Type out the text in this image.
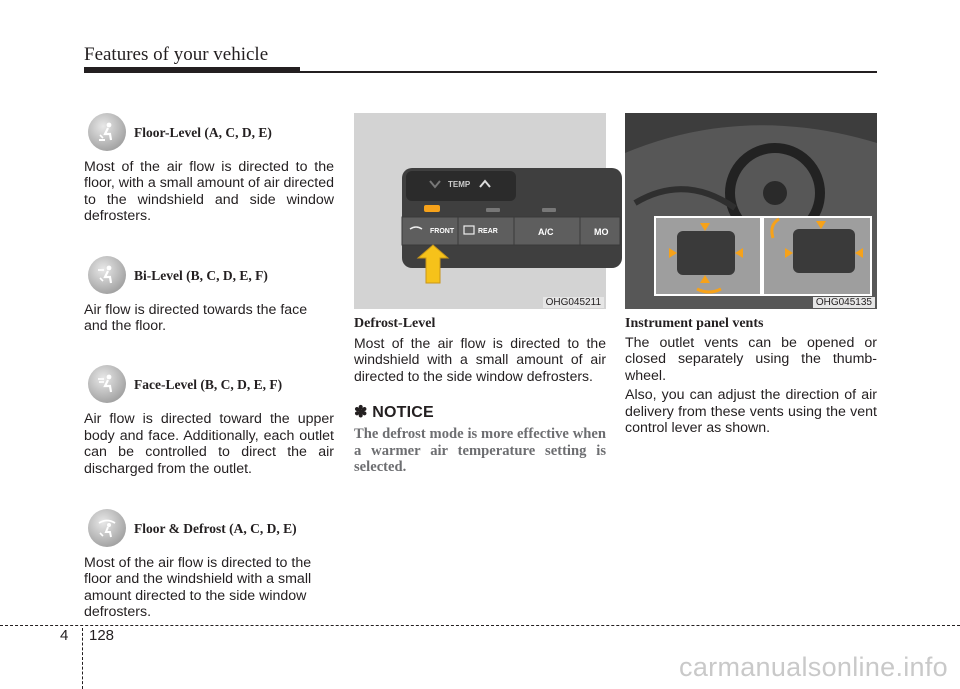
Features of your vehicle
Floor-Level (A, C, D, E)

Most of the air flow is directed to the floor, with a small amount of air directed to the windshield and side window defrosters.

Bi-Level (B, C, D, E, F)

Air flow is directed towards the face and the floor.

Face-Level (B, C, D, E, F)

Air flow is directed toward the upper body and face. Additionally, each outlet can be controlled to direct the air discharged from the outlet.

Floor & Defrost (A, C, D, E)

Most of the air flow is directed to the floor and the windshield with a small amount directed to the side window defrosters.

TEMP
FRONT	REAR	A/C	MO
OHG045211

Defrost-Level

Most of the air flow is directed to the windshield with a small amount of air directed to the side window defrosters.

✽ NOTICE

The defrost mode is more effective when a warmer air temperature setting is selected.

OHG045135

Instrument panel vents

The outlet vents can be opened or closed separately using the thumb-wheel.

Also, you can adjust the direction of air delivery from these vents using the vent control lever as shown.

4 128
carmanualsonline.info
